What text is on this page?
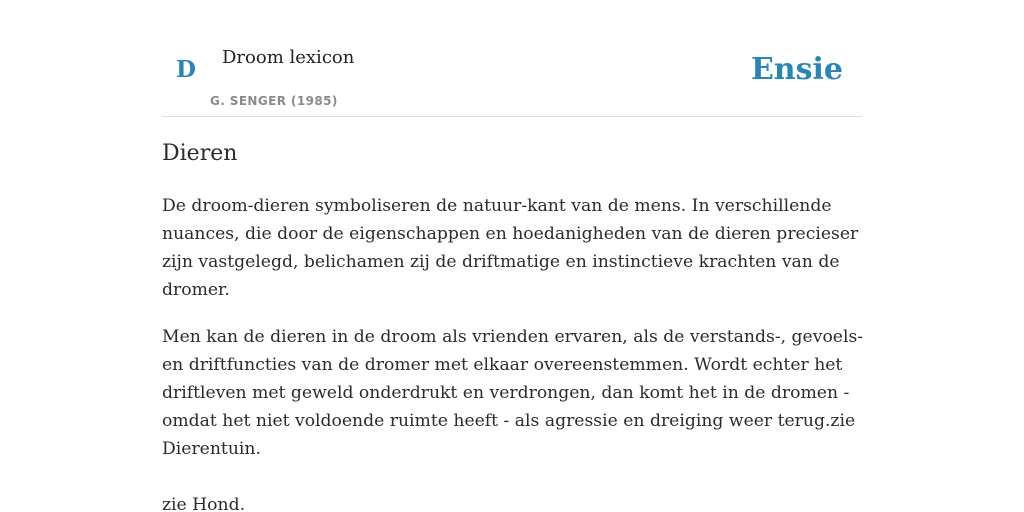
D Droom lexicon
G. SENGER (1985)
Ensie
Dieren

De droom-dieren symboliseren de natuur-kant van de mens. In verschillende nuances, die door de eigenschappen en hoedanigheden van de dieren precieser zijn vastgelegd, belichamen zij de driftmatige en instinctieve krachten van de dromer.

Men kan de dieren in de droom als vrienden ervaren, als de verstands-, gevoels- en driftfuncties van de dromer met elkaar overeenstemmen. Wordt echter het driftleven met geweld onderdrukt en verdrongen, dan komt het in de dromen - omdat het niet voldoende ruimte heeft - als agressie en dreiging weer terug.zie Dierentuin.

zie Hond.
